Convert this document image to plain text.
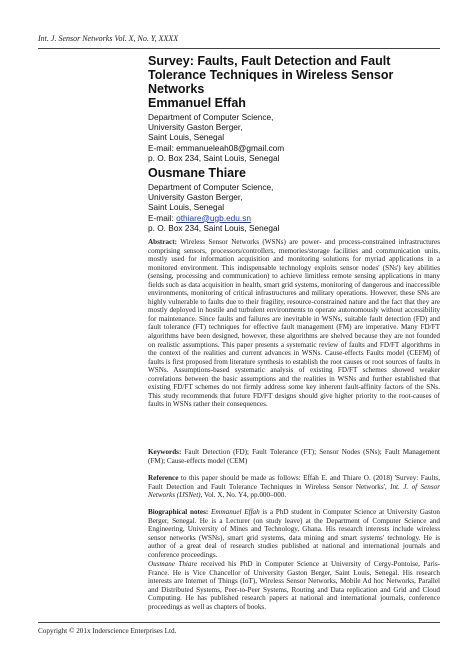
Int. J. Sensor Networks Vol. X, No. Y, XXXX
Survey: Faults, Fault Detection and Fault Tolerance Techniques in Wireless Sensor Networks
Emmanuel Effah
Department of Computer Science,
University Gaston Berger,
Saint Louis, Senegal
E-mail: emmanueleah08@gmail.com
p. O. Box 234, Saint Louis, Senegal
Ousmane Thiare
Department of Computer Science,
University Gaston Berger,
Saint Louis, Senegal
E-mail: othiare@ugb.edu.sn
p. O. Box 234, Saint Louis, Senegal
Abstract: Wireless Sensor Networks (WSNs) are power- and process-constrained infrastructures comprising sensors, processors/controllers, memories/storage facilities and communication units, mostly used for information acquisition and monitoring solutions for myriad applications in a monitored environment. This indispensable technology exploits sensor nodes' (SNs') key abilities (sensing, processing and communication) to achieve limitless remote sensing applications in many fields such as data acquisition in health, smart grid systems, monitoring of dangerous and inaccessible environments, monitoring of critical infrastructures and military operations. However, these SNs are highly vulnerable to faults due to their fragility, resource-constrained nature and the fact that they are mostly deployed in hostile and turbulent environments to operate autonomously without accessibility for maintenance. Since faults and failures are inevitable in WSNs, suitable fault detection (FD) and fault tolerance (FT) techniques for effective fault management (FM) are imperative. Many FD/FT algorithms have been designed, however, these algorithms are shelved because they are not founded on realistic assumptions. This paper presents a systematic review of faults and FD/FT algorithms in the context of the realities and current advances in WSNs. Cause-effects Faults model (CEFM) of faults is first proposed from literature synthesis to establish the root causes or root sources of faults in WSNs. Assumptions-based systematic analysis of existing FD/FT schemes showed weaker correlations between the basic assumptions and the realities in WSNs and further established that existing FD/FT schemes do not firmly address some key inherent fault-affinity factors of the SNs. This study recommends that future FD/FT designs should give higher priority to the root-causes of faults in WSNs rather their consequences.
Keywords: Fault Detection (FD); Fault Tolerance (FT); Sensor Nodes (SNs); Fault Management (FM); Cause-effects model (CEM)
Reference to this paper should be made as follows: Effah E. and Thiare O. (2018) 'Survey: Faults, Fault Detection and Fault Tolerance Techniques in Wireless Sensor Networks', Int. J. of Sensor Networks (IJSNet), Vol. X, No. Y4, pp.000–000.
Biographical notes: Emmanuel Effah is a PhD student in Computer Science at University Gaston Berger, Senegal. He is a Lecturer (on study leave) at the Department of Computer Science and Engineering, University of Mines and Technology, Ghana. His research interests include wireless sensor networks (WSNs), smart grid systems, data mining and smart systems' technology. He is author of a great deal of research studies published at national and international journals and conference proceedings.
Ousmane Thiare received his PhD in Computer Science at University of Cergy-Pontoise, Paris-France. He is Vice Chancellor of University Gaston Berger, Saint Louis, Senegal. His research interests are Internet of Things (IoT), Wireless Sensor Networks, Mobile Ad hoc Networks, Parallel and Distributed Systems, Peer-to-Peer Systems, Routing and Data replication and Grid and Cloud Computing. He has published research papers at national and international journals, conference proceedings as well as chapters of books.
Copyright © 201x Inderscience Enterprises Ltd.
